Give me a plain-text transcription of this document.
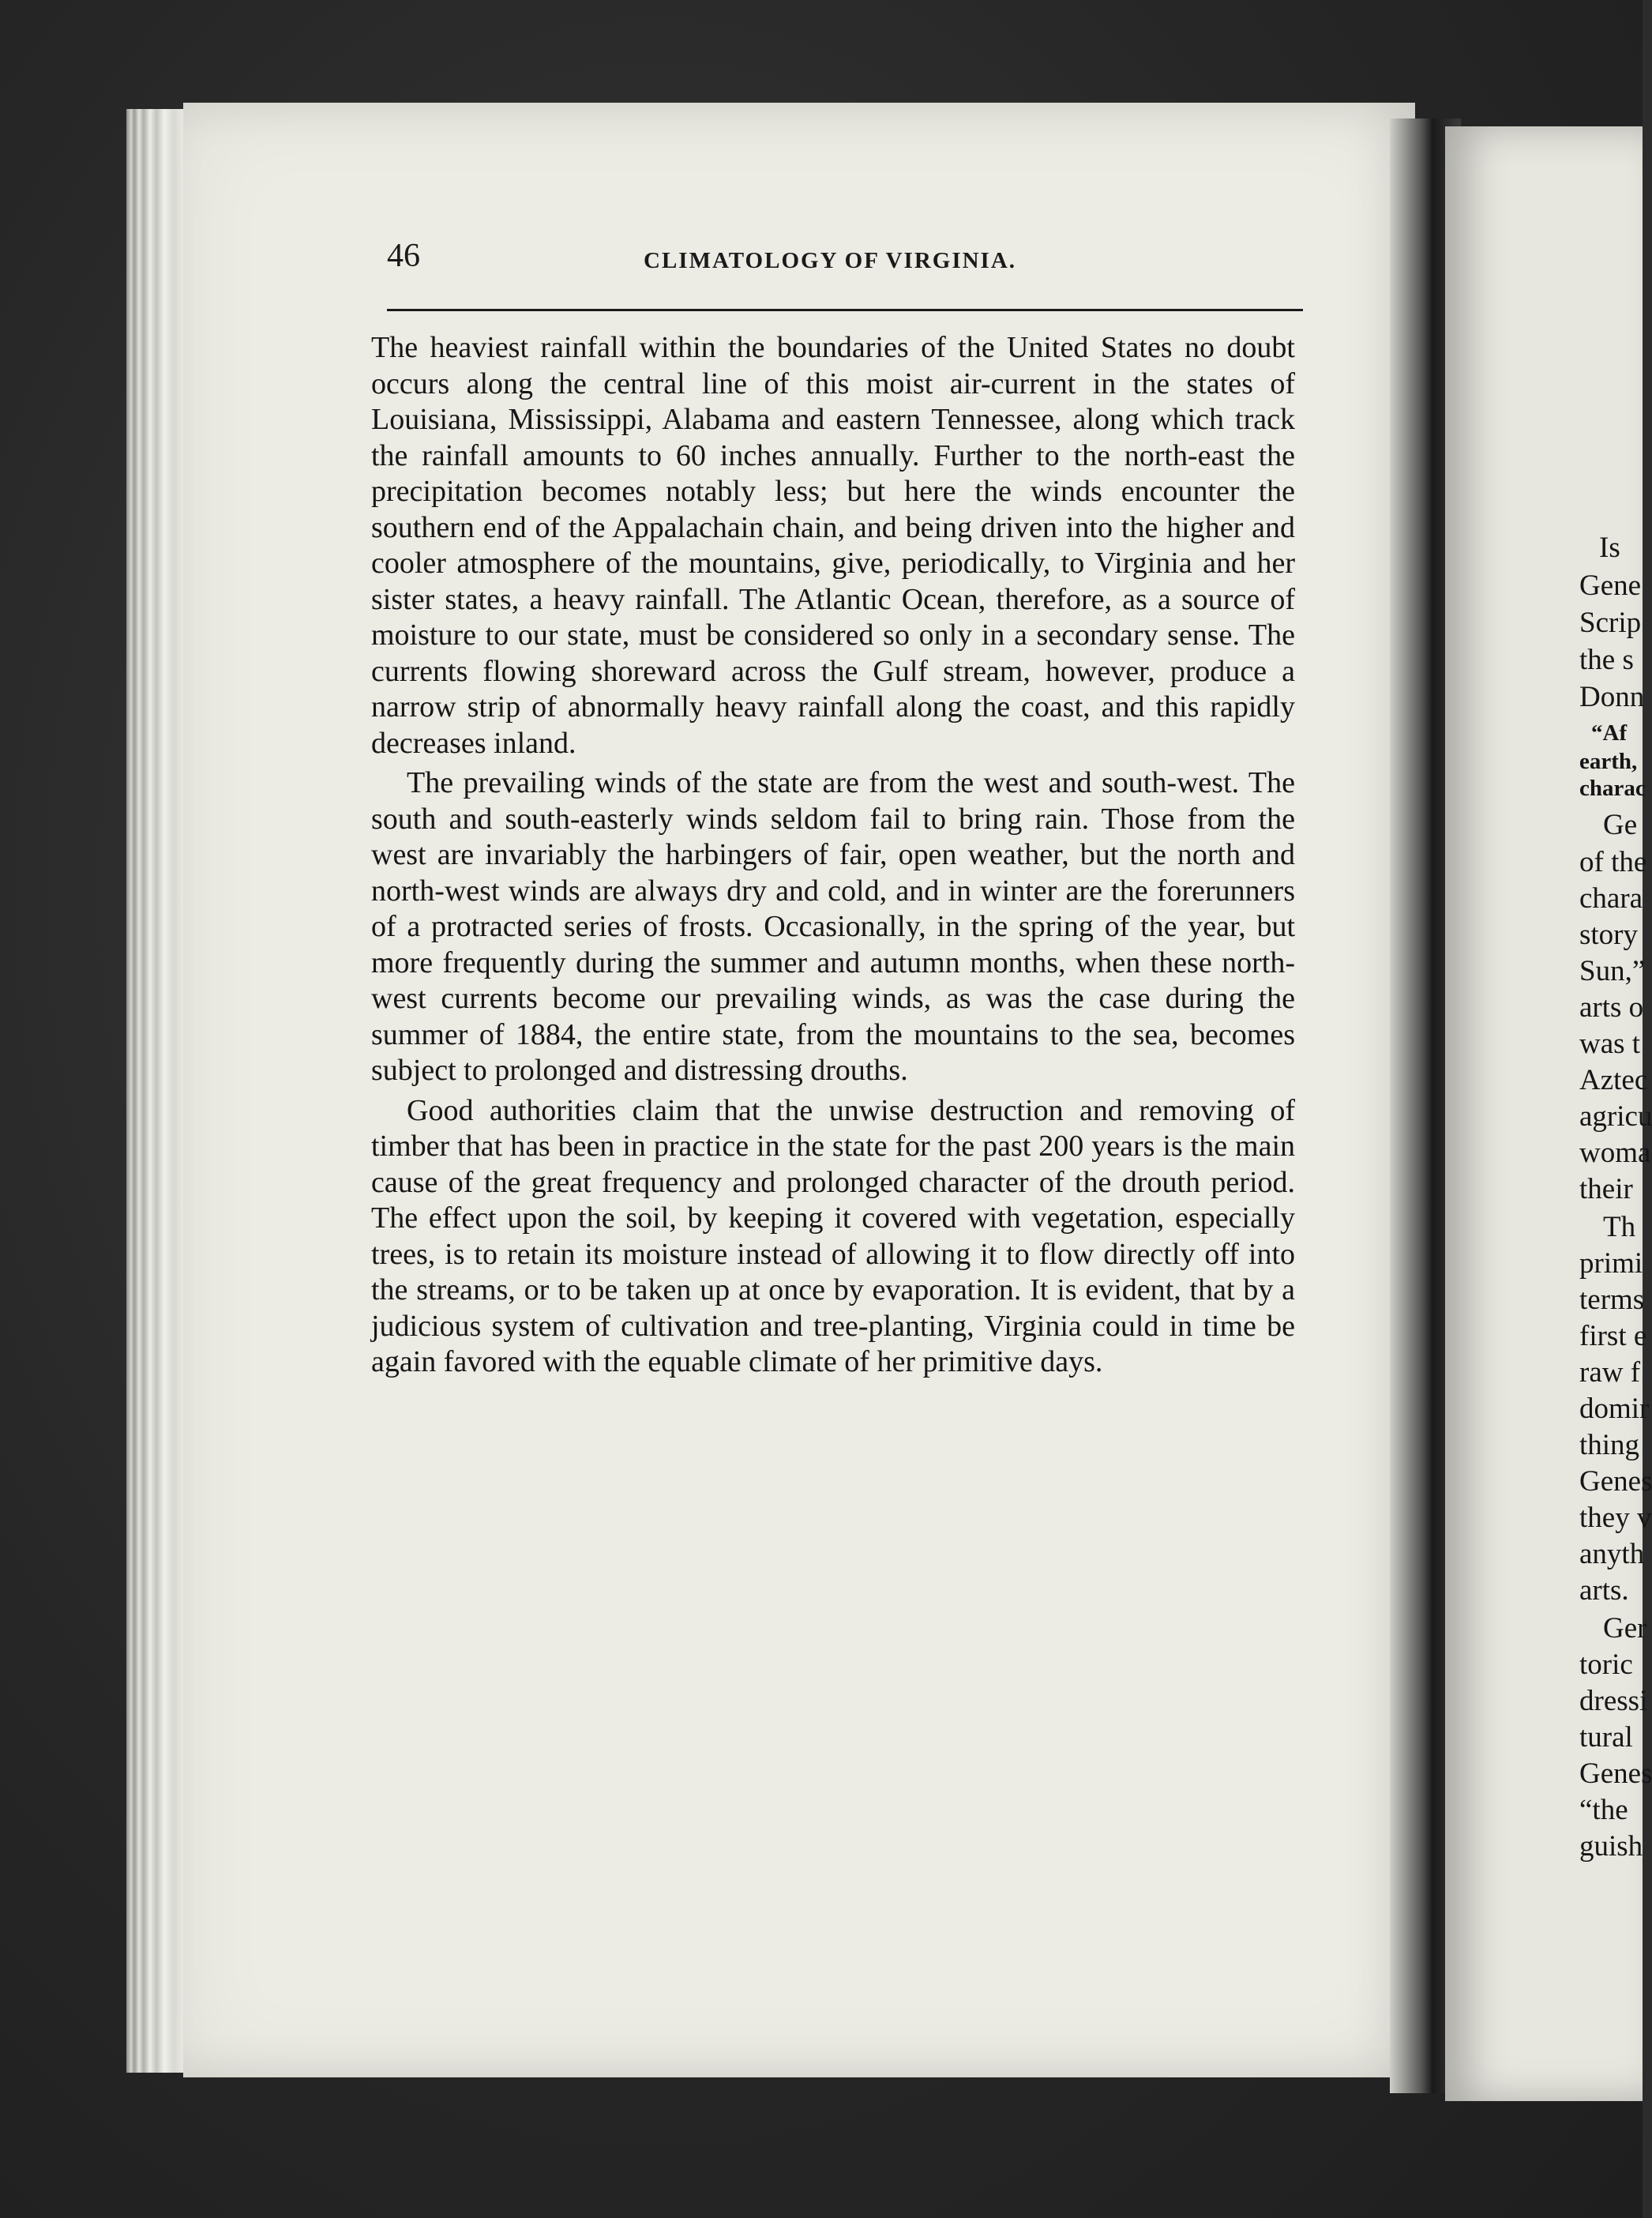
Is
Gene
Scrip
the s
Donn
“Af
earth,
charac
Ge
of the
chara
story
Sun,”
arts o
was t
Aztec
agricu
woma
their
Th
primi
terms
first e
raw f
domir
thing
Genes
they v
anyth
arts.
Ger
toric
dressi
tural
Genes
“the
guish
46	CLIMATOLOGY OF VIRGINIA.

The heaviest rainfall within the boundaries of the United States no doubt occurs along the central line of this moist air-current in the states of Louisiana, Mississippi, Alabama and eastern Tennessee, along which track the rainfall amounts to 60 inches annually. Further to the north-east the precipitation becomes notably less; but here the winds encounter the southern end of the Appalachain chain, and being driven into the higher and cooler atmosphere of the mountains, give, periodically, to Virginia and her sister states, a heavy rainfall. The Atlantic Ocean, therefore, as a source of moisture to our state, must be considered so only in a secondary sense. The currents flowing shoreward across the Gulf stream, however, produce a narrow strip of abnormally heavy rainfall along the coast, and this rapidly decreases inland.

The prevailing winds of the state are from the west and south-west. The south and south-easterly winds seldom fail to bring rain. Those from the west are invariably the harbingers of fair, open weather, but the north and north-west winds are always dry and cold, and in winter are the forerunners of a protracted series of frosts. Occasionally, in the spring of the year, but more frequently during the summer and autumn months, when these north-west currents become our prevailing winds, as was the case during the summer of 1884, the entire state, from the mountains to the sea, becomes subject to prolonged and distressing drouths.

Good authorities claim that the unwise destruction and removing of timber that has been in practice in the state for the past 200 years is the main cause of the great frequency and prolonged character of the drouth period. The effect upon the soil, by keeping it covered with vegetation, especially trees, is to retain its moisture instead of allowing it to flow directly off into the streams, or to be taken up at once by evaporation. It is evident, that by a judicious system of cultivation and tree-planting, Virginia could in time be again favored with the equable climate of her primitive days.
